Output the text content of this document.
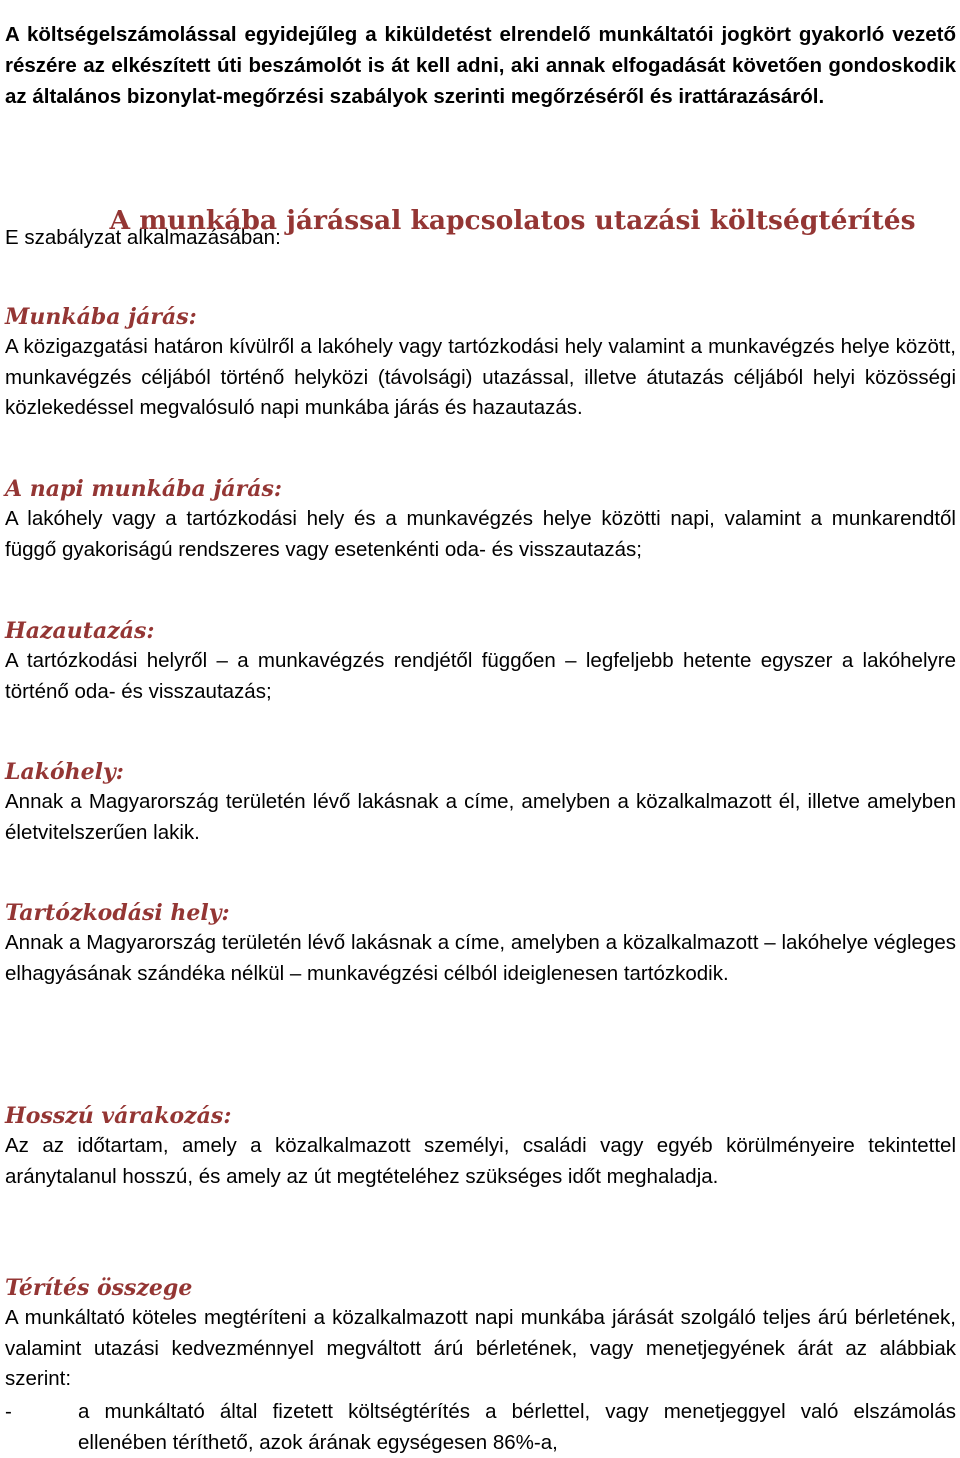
A költségelszámolással egyidejűleg a kiküldetést elrendelő munkáltatói jogkört gyakorló vezető részére az elkészített úti beszámolót is át kell adni, aki annak elfogadását követően gondoskodik az általános bizonylat-megőrzési szabályok szerinti megőrzéséről és irattárazásáról.

A munkába járással kapcsolatos utazási költségtérítés
E szabályzat alkalmazásában:
Munkába járás:

A közigazgatási határon kívülről a lakóhely vagy tartózkodási hely valamint a munkavégzés helye között, munkavégzés céljából történő helyközi (távolsági) utazással, illetve átutazás céljából helyi közösségi közlekedéssel megvalósuló napi munkába járás és hazautazás.

A napi munkába járás:

A lakóhely vagy a tartózkodási hely és a munkavégzés helye közötti napi, valamint a munkarendtől függő gyakoriságú rendszeres vagy esetenkénti oda- és visszautazás;

Hazautazás:

A tartózkodási helyről – a munkavégzés rendjétől függően – legfeljebb hetente egyszer a lakóhelyre történő oda- és visszautazás;

Lakóhely:

Annak a Magyarország területén lévő lakásnak a címe, amelyben a közalkalmazott él, illetve amelyben életvitelszerűen lakik.

Tartózkodási hely:

Annak a Magyarország területén lévő lakásnak a címe, amelyben a közalkalmazott – lakóhelye végleges elhagyásának szándéka nélkül – munkavégzési célból ideiglenesen tartózkodik.

Hosszú várakozás:

Az az időtartam, amely a közalkalmazott személyi, családi vagy egyéb körülményeire tekintettel aránytalanul hosszú, és amely az út megtételéhez szükséges időt meghaladja.

Térítés összege

A munkáltató köteles megtéríteni a közalkalmazott napi munkába járását szolgáló teljes árú bérletének, valamint utazási kedvezménnyel megváltott árú bérletének, vagy menetjegyének árát az alábbiak szerint:

-	a munkáltató által fizetett költségtérítés a bérlettel, vagy menetjeggyel való elszámolás ellenében téríthető, azok árának egységesen 86%-a,
